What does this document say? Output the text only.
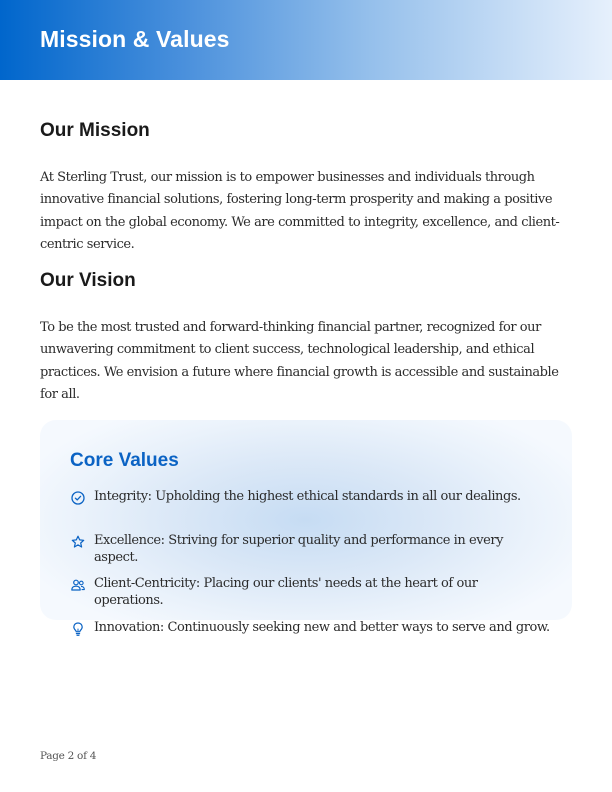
Mission & Values
Our Mission
At Sterling Trust, our mission is to empower businesses and individuals through innovative financial solutions, fostering long-term prosperity and making a positive impact on the global economy. We are committed to integrity, excellence, and client-centric service.
Our Vision
To be the most trusted and forward-thinking financial partner, recognized for our unwavering commitment to client success, technological leadership, and ethical practices. We envision a future where financial growth is accessible and sustainable for all.
Core Values
Integrity: Upholding the highest ethical standards in all our dealings.
Excellence: Striving for superior quality and performance in every aspect.
Client-Centricity: Placing our clients' needs at the heart of our operations.
Innovation: Continuously seeking new and better ways to serve and grow.
Page 2 of 4
